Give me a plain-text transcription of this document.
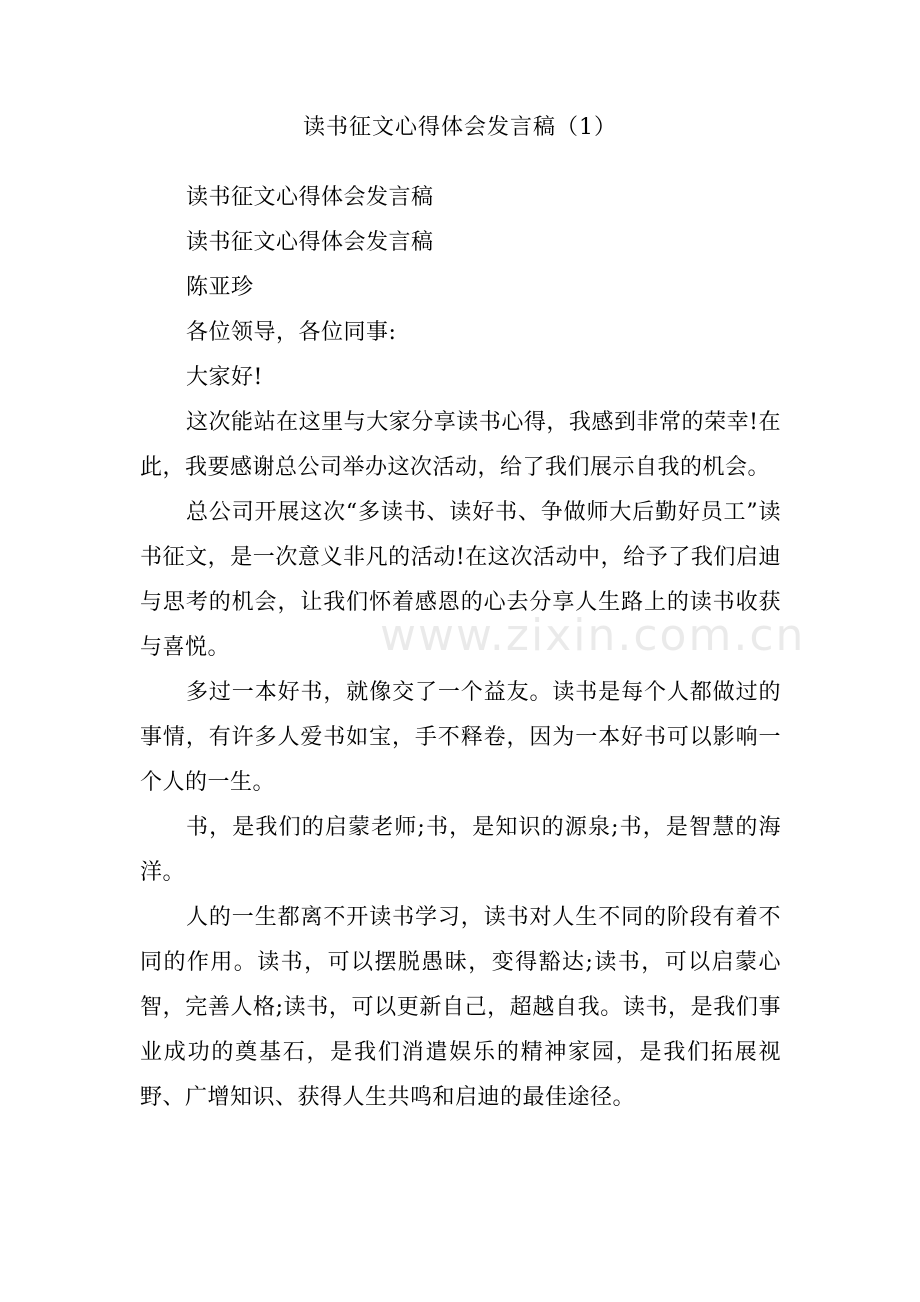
www.zixin.com.cn
读书征文心得体会发言稿（1）

读书征文心得体会发言稿

读书征文心得体会发言稿

陈亚珍

各位领导，各位同事:

大家好!

这次能站在这里与大家分享读书心得，我感到非常的荣幸!在此，我要感谢总公司举办这次活动，给了我们展示自我的机会。

总公司开展这次“多读书、读好书、争做师大后勤好员工”读书征文，是一次意义非凡的活动!在这次活动中，给予了我们启迪与思考的机会，让我们怀着感恩的心去分享人生路上的读书收获与喜悦。

多过一本好书，就像交了一个益友。读书是每个人都做过的事情，有许多人爱书如宝，手不释卷，因为一本好书可以影响一个人的一生。

书，是我们的启蒙老师;书，是知识的源泉;书，是智慧的海洋。

人的一生都离不开读书学习，读书对人生不同的阶段有着不同的作用。读书，可以摆脱愚昧，变得豁达;读书，可以启蒙心智，完善人格;读书，可以更新自己，超越自我。读书，是我们事业成功的奠基石，是我们消遣娱乐的精神家园，是我们拓展视野、广增知识、获得人生共鸣和启迪的最佳途径。
